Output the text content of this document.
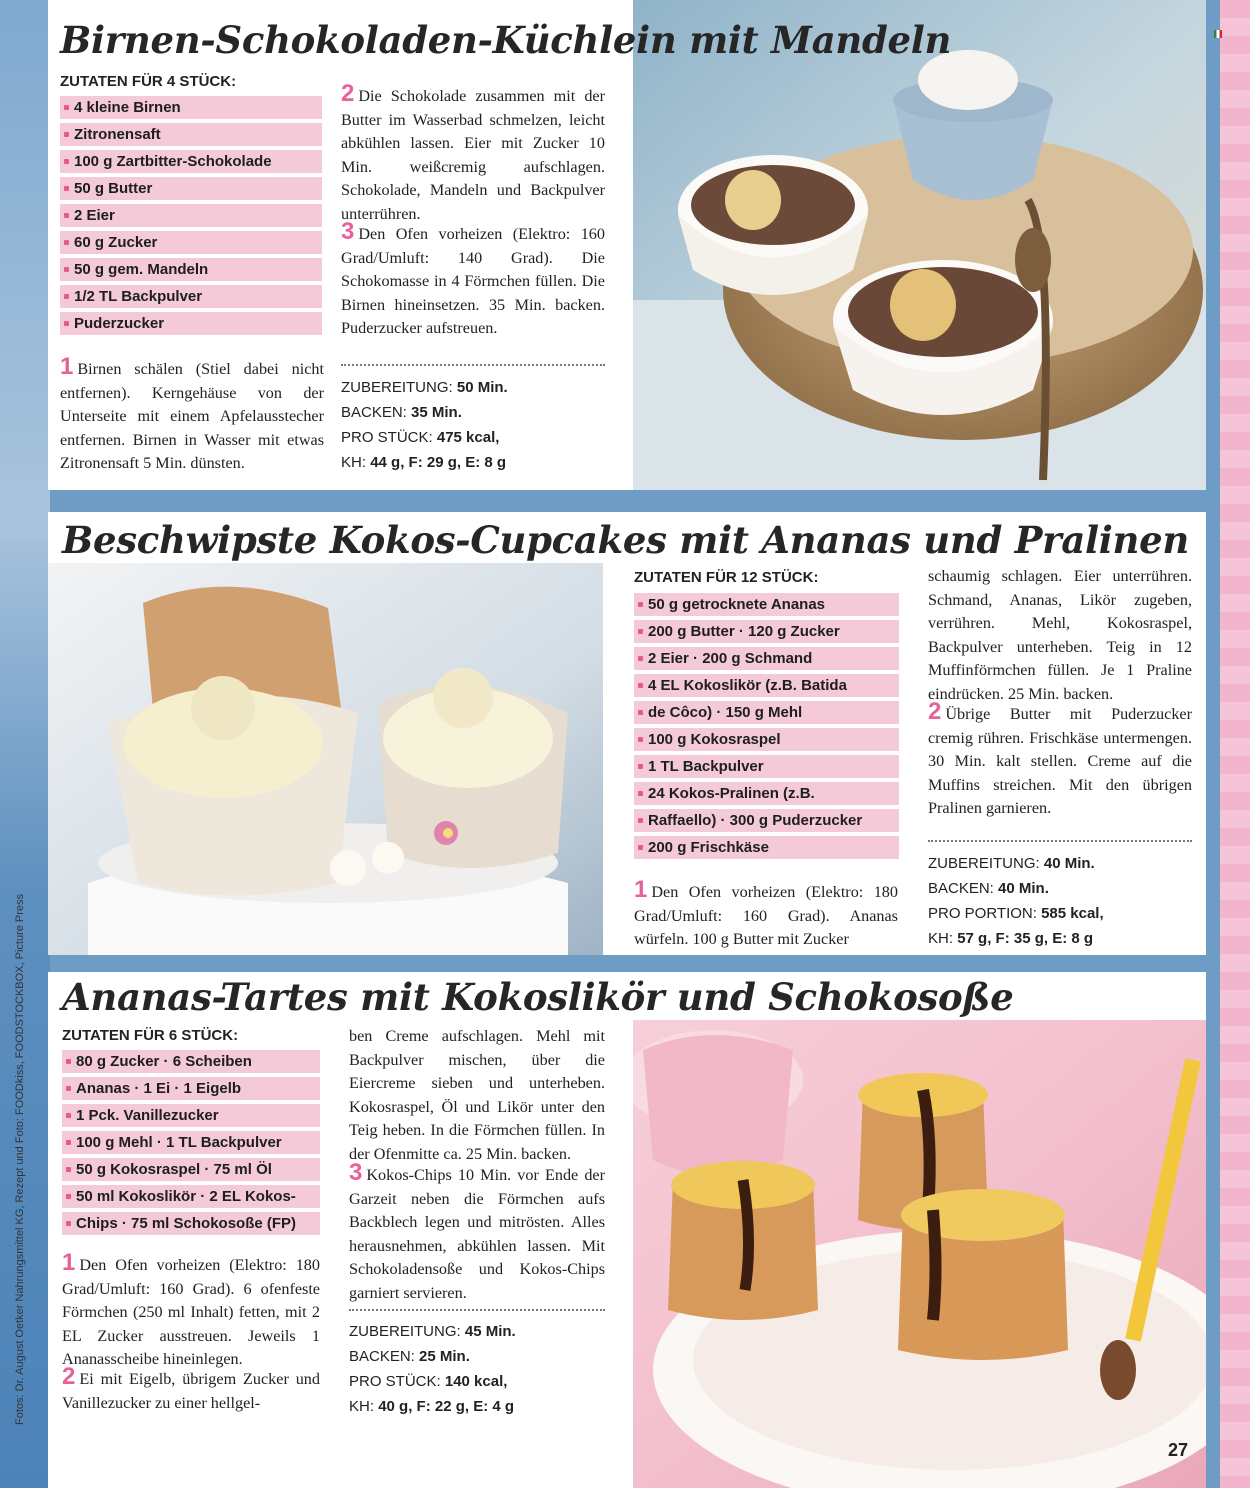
Fotos: Dr. August Oetker Nahrungsmittel KG, Rezept und Foto: FOODkiss, FOODSTOCKBOX, Picture Press
Birnen-Schokoladen-Küchlein mit Mandeln
ZUTATEN FÜR 4 STÜCK:
4 kleine Birnen
Zitronensaft
100 g Zartbitter-Schokolade
50 g Butter
2 Eier
60 g Zucker
50 g gem. Mandeln
1/2 TL Backpulver
Puderzucker

1 Birnen schälen (Stiel dabei nicht entfernen). Kerngehäuse von der Unterseite mit einem Apfelausstecher entfernen. Birnen in Wasser mit etwas Zitronensaft 5 Min. dünsten.

2 Die Schokolade zusammen mit der Butter im Wasserbad schmelzen, leicht abkühlen lassen. Eier mit Zucker 10 Min. weißcremig aufschlagen. Schokolade, Mandeln und Backpulver unterrühren.

3 Den Ofen vorheizen (Elektro: 160 Grad/Umluft: 140 Grad). Die Schokomasse in 4 Förmchen füllen. Die Birnen hineinsetzen. 35 Min. backen. Puderzucker aufstreuen.

ZUBEREITUNG: 50 Min.
BACKEN: 35 Min.
PRO STÜCK: 475 kcal,
KH: 44 g, F: 29 g, E: 8 g
Beschwipste Kokos-Cupcakes mit Ananas und Pralinen
ZUTATEN FÜR 12 STÜCK:
50 g getrocknete Ananas
200 g Butter · 120 g Zucker
2 Eier · 200 g Schmand
4 EL Kokoslikör (z.B. Batida
de Côco) · 150 g Mehl
100 g Kokosraspel
1 TL Backpulver
24 Kokos-Pralinen (z.B.
Raffaello) · 300 g Puderzucker
200 g Frischkäse

1 Den Ofen vorheizen (Elektro: 180 Grad/Umluft: 160 Grad). Ananas würfeln. 100 g Butter mit Zucker

schaumig schlagen. Eier unterrühren. Schmand, Ananas, Likör zugeben, verrühren. Mehl, Kokosraspel, Backpulver unterheben. Teig in 12 Muffinförmchen füllen. Je 1 Praline eindrücken. 25 Min. backen.

2 Übrige Butter mit Puderzucker cremig rühren. Frischkäse untermengen. 30 Min. kalt stellen. Creme auf die Muffins streichen. Mit den übrigen Pralinen garnieren.

ZUBEREITUNG: 40 Min.
BACKEN: 40 Min.
PRO PORTION: 585 kcal,
KH: 57 g, F: 35 g, E: 8 g
Ananas-Tartes mit Kokoslikör und Schokosoße
ZUTATEN FÜR 6 STÜCK:
80 g Zucker · 6 Scheiben
Ananas · 1 Ei · 1 Eigelb
1 Pck. Vanillezucker
100 g Mehl · 1 TL Backpulver
50 g Kokosraspel · 75 ml Öl
50 ml Kokoslikör · 2 EL Kokos-
Chips · 75 ml Schokosoße (FP)

1 Den Ofen vorheizen (Elektro: 180 Grad/Umluft: 160 Grad). 6 ofenfeste Förmchen (250 ml Inhalt) fetten, mit 2 EL Zucker ausstreuen. Jeweils 1 Ananasscheibe hineinlegen.

2 Ei mit Eigelb, übrigem Zucker und Vanillezucker zu einer hellgel-

ben Creme aufschlagen. Mehl mit Backpulver mischen, über die Eiercreme sieben und unterheben. Kokosraspel, Öl und Likör unter den Teig heben. In die Förmchen füllen. In der Ofenmitte ca. 25 Min. backen.

3 Kokos-Chips 10 Min. vor Ende der Garzeit neben die Förmchen aufs Backblech legen und mitrösten. Alles herausnehmen, abkühlen lassen. Mit Schokoladensoße und Kokos-Chips garniert servieren.

ZUBEREITUNG: 45 Min.
BACKEN: 25 Min.
PRO STÜCK: 140 kcal,
KH: 40 g, F: 22 g, E: 4 g
27
